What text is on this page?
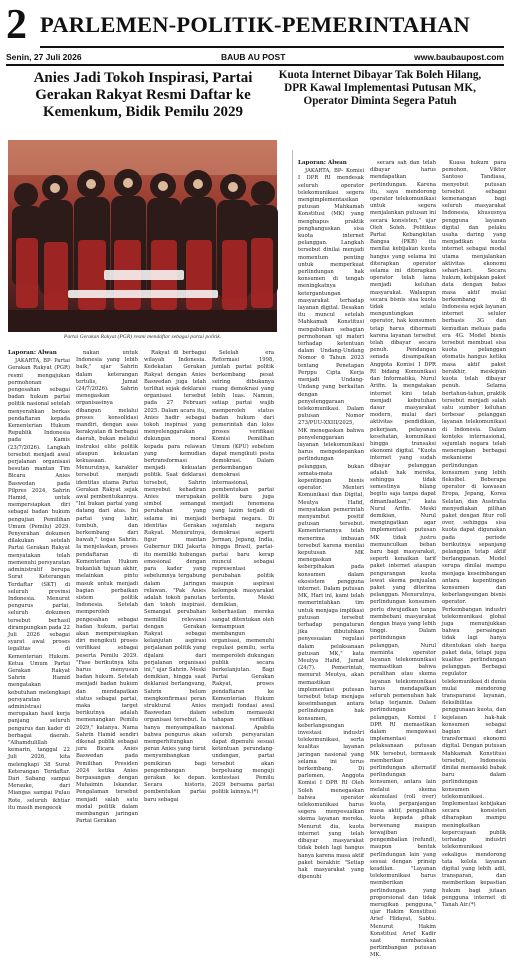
2 PARLEMEN-POLITIK-PEMERINTAHAN
Senin, 27 Juli 2026	BAUB AU POST	www.baubaupost.com
Anies Jadi Tokoh Inspirasi, Partai Gerakan Rakyat Resmi Daftar ke Kemenkum, Bidik Pemilu 2029
Kuota Internet Dibayar Tak Boleh Hilang, DPR Kawal Implementasi Putusan MK, Operator Diminta Segera Patuh
Partai Gerakan Rakyat (PGR) resmi mendaftar sebagai partai politik.

Laporan: Alwan

JAKARTA, BP- Partai Gerakan Rakyat (PGR) resmi mengajukan permohonan pengesahan sebagai badan hukum partai politik nasional setelah menyerahkan berkas pendaftaran kepada Kementerian Hukum Republik Indonesia pada Kamis (23/7/2026). Langkah tersebut menjadi awal perjalanan organisasi besutan mantan Tim Bicara Anies Baswedan pada Pilpres 2024, Sahrin Hamid, untuk mempersiapkan diri sebagai badan hukum pengujian Pemilihan Umum (Pemilu) 2029. Penyerahan dokumen dilakukan setelah Partai Gerakan Rakyat menyatakan telah memenuhi persyaratan administratif berupa Surat Keterangan Terdaftar (SKT) di seluruh provinsi Indonesia. Menurut pengurus partai, seluruh dokumen tersebut berhasil dirampungkan pada 22 Juli 2026 sebagai syarat awal proses legalitas di Kementerian Hukum. Ketua Umum Partai Gerakan Rakyat Sahrin Hamid mengatakan kebutuhan melengkapi persyaratan administrasi merupakan hasil kerja panjang seluruh pengurus dan kader di berbagai daerah. "Alhamdulillah kemarin, tanggal 22 Juli 2026, kita melengkapi 38 Surat Keterangan Terdaftar. Dari Sabang sampai Merauke, dari Miangas sampai Pulau Rote, seluruh ikhtiar itu masih mengecek

nakan untuk Indonesia yang lebih baik," ujar Sahrin dalam keterangan tertulis, Jumat (24/7/2026). Sahrin menegaskan organisasinya dibangun melalui proses konsolidasi mandiri, dengan asas kerakyatan di berbagai daerah, bukan melalui instruksi elite politik ataupun kekuatan kekuasaan. Menurutnya, karakter tersebut menjadi identitas utama Partai Gerakan Rakyat sejak awal pembentukannya. "Ini bukan partai yang datang dari atas. Ini partai yang lahir, tumbuh, dan berkembang dari bawah," tegas Sahrin. Ia menjelaskan, proses pendaftaran di Kementerian Hukum bukanlah tujuan akhir, melainkan pintu masuk untuk menjadi bagian perbaikan sistem politik Indonesia. Setelah memperoleh pengesahan sebagai badan hukum, partai akan mempersiapkan diri mengikuti proses verifikasi sebagai peserta Pemilu 2029. "Fase berikutnya kita harus menyusun badan hukum. Setelah menjadi badan hukum dan mendapatkan status sebagai partai, maka target berikutnya adalah memenangkan Pemilu 2029," katanya. Nama Sahrin Hamid sendiri dikenal publik sebagai juru Bicara Anies Baswedan pada Pemilihan Presiden 2024 ketika Anies berpasangan dengan Muhaimin Iskandar. Pengalaman tersebut menjadi salah satu modal politik dalam membangun jaringan Partai Gerakan

Rakyat di berbagai wilayah Indonesia. Kedekatan Gerakan Rakyat dengan Anies Baswedan juga telah terlihat sejak deklarasi organisasi tersebut pada 27 Februari 2025. Dalam acara itu, Anies hadir sebagai tokoh inspirasi yang menyelenggarakan dukungan moral kepada para relawan yang kemudian bertransformasi menjadi kekuatan politik. Saat deklarasi tersebut, Sahrin menyebut kehadiran Anies merupakan simbol semangat perubahan yang selama ini menjadi identitas Gerakan Rakyat. Menurutnya, figur mantan Gubernur DKI Jakarta itu memiliki hubungan emosional dengan para kader yang sebelumnya tergabung dalam jaringan relawan. "Pak Anies adalah tokoh panutan dan tokoh inspirasi. Semangat perubahan memiliki relevansi dengan Gerakan Rakyat sebagai kelanjutan aspirasi perjalanan politik yang dijalani dari perjalanan organisasi ini," ujar Sahrin. Meski demikian, hingga saat deklarasi berlangsung, Sahrin belum mengkonfirmasi peran struktural Anies Baswedan dalam organisasi tersebut. Ia hanya menyampaikan bahwa pengurus akan memperhitungkan peran Anies yang turut menyumbangkan pemikiran bagi pengembangan gerakan ke depan. Secara historis, pembentukan partai baru sebagai

Selelah era Reformasi 1998, jumlah partai politik berkembang pesat seiring dibukanya ruang demokrasi yang lebih luas. Namun, setiap partai wajib memperoleh status badan hukum dari pemerintah dan lolos proses verifikasi Komisi Pemilihan Umum (KPU) sebelum dapat mengikuti pesta demokrasi. Dalam perkembangan demokrasi internasional, pembentukan partai politik baru juga menjadi fenomena yang lazim terjadi di berbagai negara. Di sejumlah negara demokrasi seperti Jerman, Jepang, India, hingga Brasil, partai-partai baru kerap muncul sebagai representasi perubahan politik maupun aspirasi kelompok masyarakat tertentu. Meski demikian, keberhasilan mereka sangat ditentukan oleh kemampuan membangun organisasi, memenuhi regulasi pemilu, serta memperoleh dukungan publik secara berkelanjutan. Bagi Partai Gerakan Rakyat, proses pendaftaran ke Kementerian Hukum menjadi fondasi awal sebelum memasuki tahapan verifikasi nasional. Apabila seluruh persyaratan dapat dipenuhi sesuai ketentuan perundang-undangan, partai tersebut akan berpeluang menguji kontestasi Pemilu 2029 bersama partai politik lainnya.(*)

Laporan: Alwan

JAKARTA, BP- Komisi I DPR RI mendesak seluruh operator telekomunikasi segera mengimplementasikan putusan Mahkamah Konstitusi (MK) yang menghapus praktik penghanguskan sisa kuota internet pelanggan. Langkah tersebut dinilai menjadi momentum penting untuk memperkuat perlindungan hak konsumen di tengah meningkatnya ketergantungan masyarakat terhadap layanan digital. Desakan itu muncul setelah Mahkamah Konstitusi mengabulkan sebagian permohonan uji materi terhadap ketentuan dalam Undang-Undang Nomor 6 Tahun 2023 tentang Penetapan Perppu Cipta Kerja menjadi Undang-Undang yang berkaitan dengan penyelenggaraan telekomunikasi. Dalam putusan Nomor 273/PUU-XXIII/2025, MK menegaskan bahwa penyelenggaraan layanan telekomunikasi harus mengedepankan perlindungan pelanggan, bukan semata-mata kepentingan bisnis operator. Menteri Komunikasi dan Digital, Meutya Hafid, menyatakan pemerintah menyambut positif putusan tersebut. Kementeriannya telah menerima imbauan tersebut karena menilai keputusan MK menegaskan keberpihakan pada konsumen dalam ekosistem pengguna internet. Dalam putusan MK, Hari ini, kami telah memerintahkan tim untuk menjaga implikasi putusan tersebut terhadap pengaturan jika dibutuhkan penyesuaian regulasi dalam pelaksanaan putusan MK," kata Meutya Hafid, Jumat (24/7). Pemerintah, menurut Meutya, akan memastikan implementasi putusan tersebut tetap menjaga keseimbangan antara perlindungan hak konsumen, keberlangsungan investasi industri telekomunikasi, serta kualitas layanan jaringan nasional yang selama ini terus berkembang. Di parlemen, Anggota Komisi I DPR RI Oleh Soleh menegaskan bahwa operator telekomunikasi harus segera menyesuaikan skema layanan mereka. Menurut dia, kuota internet yang telah dibayar masyarakat tidak boleh lagi hangus hanya karena masa aktif paket berakhir. "Setiap hak masyarakat yang dipenuhi

secara sah dan telah dibayar harus mendapatkan perlindungan. Karena itu, saya mendorong operator telekomunikasi untuk segera menjalankan putusan ini secara konsisten," ujar Oleh Soleh. Politikus Partai Kebangkitan Bangsa (PKB) itu menilai kebijakan kuota hangus yang selama ini diterapkan operator selama ini diterapkan operator telah lama menjadi keluhan masyarakat. Walaupun secara bisnis sisa kuota tidak selalu menguntungkan operator, hak konsumen tetap harus dihormati karena layanan tersebut telah dibayar secara penuh. Pendangan senada disampaikan Anggota Komisi I DPR RI bidang Komunikasi dan Informatika, Nurul Arifin. Ia mengatakan internet kini telah menjadi kebutuhan dasar masyarakat modern, mulai dari aktivitas pendidikan, pekerjaan, pelayanan kesehatan, komunikasi hingga transaksi ekonomi digital. "Kuota internet yang sudah dibayar pelanggan adalah hak mereka, sehingga tidak semestinya hilang begitu saja tanpa dapat dimanfaatkan," kata Nurul Arifin. Meski demikian, Nurul mengingatkan agar implementasi putusan MK tidak justru memunculkan beban baru bagi masyarakat, seperti kenaikan tarif paket internet ataupun pengurangan kuota lewat skema penjualan paket yang diterima pelanggan. Menurutnya, perlindungan konsumen perlu diwujudkan tanpa membebani masyarakat dengan biaya yang lebih tinggi. Dalam perlindungan pelanggan, Nurul meminta operator layanan telekomunikasi memastikan bahwa peralihan atau skema layanan telekomunikasi harus mendapatkan seluruh pemenuhan hak tetap terjamin. Dalam perlindungan pelanggan, Komisi I DPR RI memastikan dalam mengawasi implementasi pelaksanaan putusan MK tersebut, termasuk memberikan perlindungan alternatif perlindungan konsumen, antara lain melalui skema akumulasi (roll over) kuota, perpanjangan masa aktif, pengalihan kuota kepada pihak berwenang maupun kewajiban pengembalian (refund), maupun bentuk perlindungan lain yang sesuai dengan prinsip keadilan. "Layanan telekomunikasi harus memberikan perlindungan yang proporsional dan tidak merugikan pengguna," ujar Hakim Konstitusi Arief Hidayat, Sabtu. Menurut Hakim Konstitusi Arief Kadir saat membacakan pertimbangan putusan MK.

Kuasa hukum para pemohon, Viktor Santoso Tandiasa, menyebut putusan tersebut sebagai kemenangan bagi seluruh masyarakat Indonesia, khususnya pengguna layanan digital dan pelaku usaha daring yang menjadikan kuota internet sebagai modal utama menjalankan aktivitas ekonomi sehari-hari. Secara hukum, kebijakan paket data dengan batas masa aktif mulai berkembang di Indonesia sejak layanan internet seluler berbasis 3G dan kemudian meluas pada era 4G. Model bisnis tersebut membuat sisa kuota pelanggan otomatis hangus ketika masa aktif paket berakhir, meskipun kuota telah dibayar penuh. Selama bertahun-tahun, praktik tersebut menjadi salah satu sumber keluhan terbesar pelanggan layanan telekomunikasi di Indonesia. Dalam konteks internasional, sejumlah negara telah menerapkan berbagai mekanisme perlindungan konsumen yang lebih fleksibel. Beberapa operator di kawasan Eropa, Jepang, Korea Selatan, dan Australia menyediakan pilihan paket dengan fitur roll over, sehingga sisa kuota dapat digunakan pada periode berikutnya sepanjang pelanggan tetap aktif berlangganan. Model serupa dinilai mampu menjaga keseimbangan antara kepentingan konsumen dan keberlangsungan bisnis operator. Perkembangan industri telekomunikasi global juga menunjukkan bahwa persaingan tidak lagi hanya ditentukan oleh harga paket data, tetapi juga kualitas perlindungan pelanggan. Berbagai regulator telekomunikasi di dunia mulai mendorong transparansi layanan, fleksibilitas penggunaan kuota, dan kejelasan hak-hak konsumen sebagai bagian dari transformasi ekonomi digital. Dengan putusan Mahkamah Konstitusi tersebut, Indonesia dinilai memasuki babak baru dalam perlindungan konsumen telekomunikasi. Implementasi kebijakan secara konsisten diharapkan mampu meningkatkan kepercayaan publik terhadap industri telekomunikasi sekaligus mendorong tata kelola layanan digital yang lebih adil, transparan, dan memberikan kepastian hukum bagi jutaan pengguna internet di Tanah Air.(*)
